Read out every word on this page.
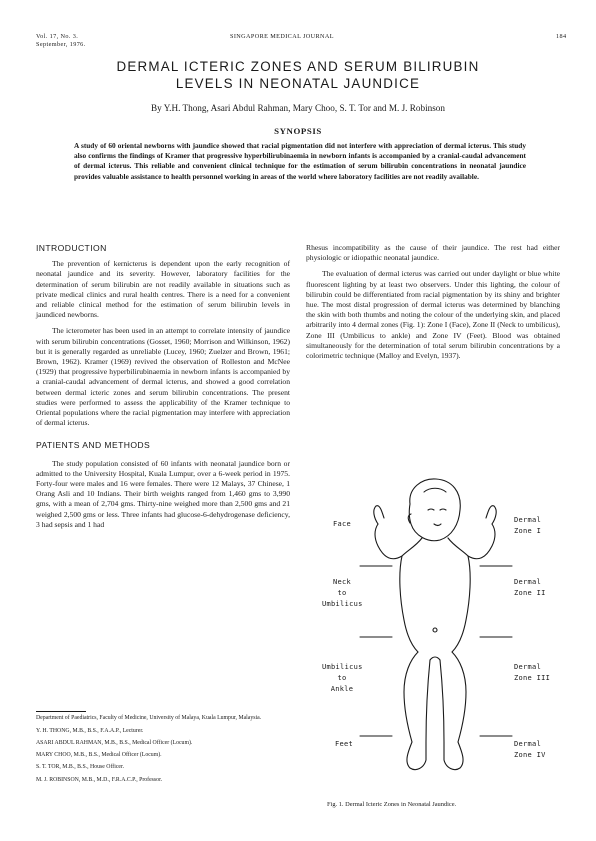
Vol. 17, No. 3.
September, 1976.
SINGAPORE MEDICAL JOURNAL	184
DERMAL ICTERIC ZONES AND SERUM BILIRUBIN
LEVELS IN NEONATAL JAUNDICE
By Y.H. Thong, Asari Abdul Rahman, Mary Choo, S. T. Tor and M. J. Robinson
SYNOPSIS
A study of 60 oriental newborns with jaundice showed that racial pigmentation did not interfere with appreciation of dermal icterus. This study also confirms the findings of Kramer that progressive hyperbilirubinaemia in newborn infants is accompanied by a cranial-caudal advancement of dermal icterus. This reliable and convenient clinical technique for the estimation of serum bilirubin concentrations in neonatal jaundice provides valuable assistance to health personnel working in areas of the world where laboratory facilities are not readily available.
INTRODUCTION

The prevention of kernicterus is dependent upon the early recognition of neonatal jaundice and its severity. However, laboratory facilities for the determination of serum bilirubin are not readily available in situations such as private medical clinics and rural health centres. There is a need for a convenient and reliable clinical method for the estimation of serum bilirubin levels in jaundiced newborns.

The icterometer has been used in an attempt to correlate intensity of jaundice with serum bilirubin concentrations (Gosset, 1960; Morrison and Wilkinson, 1962) but it is generally regarded as unreliable (Lucey, 1960; Zuelzer and Brown, 1961; Brown, 1962). Kramer (1969) revived the observation of Rolleston and McNee (1929) that progressive hyperbilirubinaemia in newborn infants is accompanied by a cranial-caudal advancement of dermal icterus, and showed a good correlation between dermal icteric zones and serum bilirubin concentrations. The present studies were performed to assess the applicability of the Kramer technique to Oriental populations where the racial pigmentation may interfere with appreciation of dermal icterus.

PATIENTS AND METHODS

The study population consisted of 60 infants with neonatal jaundice born or admitted to the University Hospital, Kuala Lumpur, over a 6-week period in 1975. Forty-four were males and 16 were females. There were 12 Malays, 37 Chinese, 1 Orang Asli and 10 Indians. Their birth weights ranged from 1,460 gms to 3,990 gms, with a mean of 2,704 gms. Thirty-nine weighed more than 2,500 gms and 21 weighed 2,500 gms or less. Three infants had glucose-6-dehydrogenase deficiency, 3 had sepsis and 1 had

Department of Paediatrics, Faculty of Medicine, University of Malaya, Kuala Lumpur, Malaysia.
Y. H. THONG, M.B., B.S., F.A.A.P., Lecturer.
ASARI ABDUL RAHMAN, M.B., B.S., Medical Officer (Locum).
MARY CHOO, M.B., B.S., Medical Officer (Locum).
S. T. TOR, M.B., B.S., House Officer.
M. J. ROBINSON, M.B., M.D., F.R.A.C.P., Professor.

Rhesus incompatibility as the cause of their jaundice. The rest had either physiologic or idiopathic neonatal jaundice.

The evaluation of dermal icterus was carried out under daylight or blue white fluorescent lighting by at least two observers. Under this lighting, the colour of bilirubin could be differentiated from racial pigmentation by its shiny and brighter hue. The most distal progression of dermal icterus was determined by blanching the skin with both thumbs and noting the colour of the underlying skin, and placed arbitrarily into 4 dermal zones (Fig. 1): Zone I (Face), Zone II (Neck to umbilicus), Zone III (Umbilicus to ankle) and Zone IV (Feet). Blood was obtained simultaneously for the determination of total serum bilirubin concentrations by a colorimetric technique (Malloy and Evelyn, 1937).

Face
Neck
to
Umbilicus
Umbilicus
to
Ankle
Feet
Dermal
Zone I
Dermal
Zone II
Dermal
Zone III
Dermal
Zone IV
Fig. 1. Dermal Icteric Zones in Neonatal Jaundice.
